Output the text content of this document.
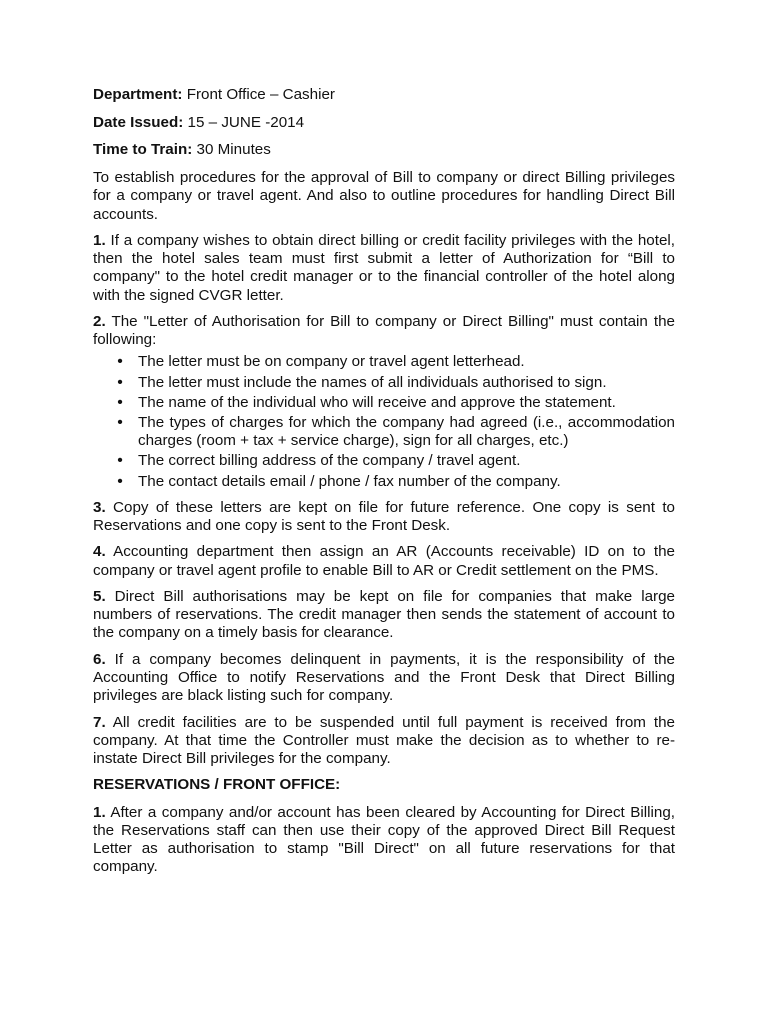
Department: Front Office – Cashier
Date Issued: 15 – JUNE -2014
Time to Train: 30 Minutes

To establish procedures for the approval of Bill to company or direct Billing privileges for a company or travel agent. And also to outline procedures for handling Direct Bill accounts.

1. If a company wishes to obtain direct billing or credit facility privileges with the hotel, then the hotel sales team must first submit a letter of Authorization for “Bill to company" to the hotel credit manager or to the financial controller of the hotel along with the signed CVGR letter.

2. The "Letter of Authorisation for Bill to company or Direct Billing" must contain the following:

• The letter must be on company or travel agent letterhead.
• The letter must include the names of all individuals authorised to sign.
• The name of the individual who will receive and approve the statement.
• The types of charges for which the company had agreed (i.e., accommodation charges (room + tax + service charge), sign for all charges, etc.)
• The correct billing address of the company / travel agent.
• The contact details email / phone / fax number of the company.

3. Copy of these letters are kept on file for future reference. One copy is sent to Reservations and one copy is sent to the Front Desk.

4. Accounting department then assign an AR (Accounts receivable) ID on to the company or travel agent profile to enable Bill to AR or Credit settlement on the PMS.

5. Direct Bill authorisations may be kept on file for companies that make large numbers of reservations. The credit manager then sends the statement of account to the company on a timely basis for clearance.

6. If a company becomes delinquent in payments, it is the responsibility of the Accounting Office to notify Reservations and the Front Desk that Direct Billing privileges are black listing such for company.

7. All credit facilities are to be suspended until full payment is received from the company. At that time the Controller must make the decision as to whether to re-instate Direct Bill privileges for the company.

RESERVATIONS / FRONT OFFICE:

1. After a company and/or account has been cleared by Accounting for Direct Billing, the Reservations staff can then use their copy of the approved Direct Bill Request Letter as authorisation to stamp "Bill Direct" on all future reservations for that company.
